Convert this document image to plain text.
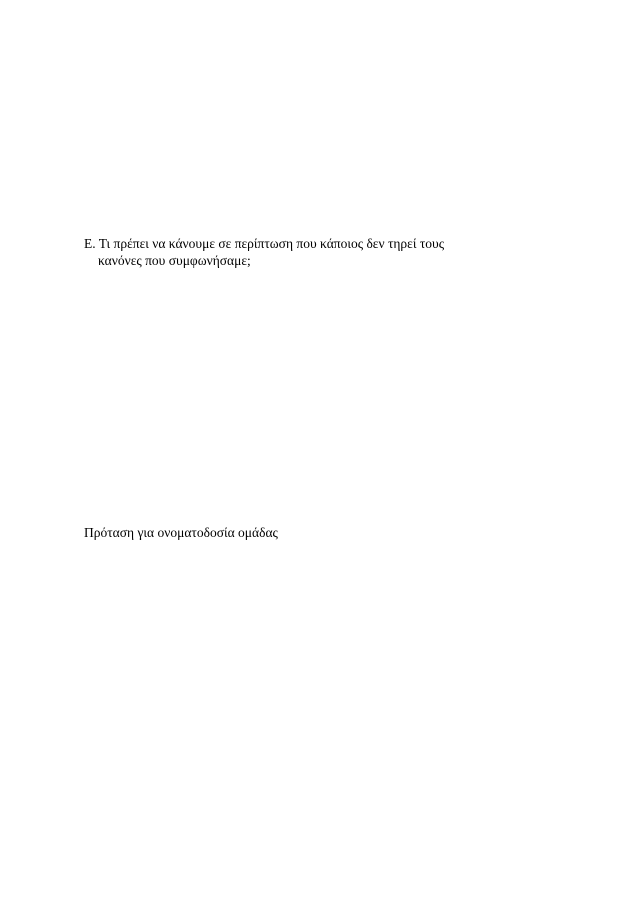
Ε. Τι πρέπει να κάνουμε σε περίπτωση που κάποιος δεν τηρεί τους
κανόνες που συμφωνήσαμε;
Πρόταση για ονοματοδοσία ομάδας
